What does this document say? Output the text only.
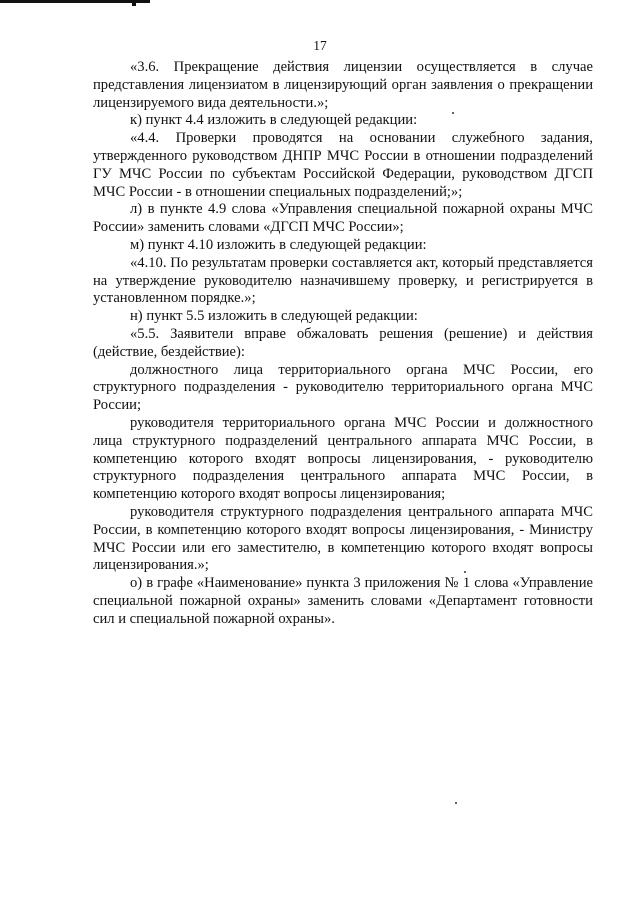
17

«3.6. Прекращение действия лицензии осуществляется в случае представления лицензиатом в лицензирующий орган заявления о прекращении лицензируемого вида деятельности.»;

к) пункт 4.4 изложить в следующей редакции:

«4.4. Проверки проводятся на основании служебного задания, утвержденного руководством ДНПР МЧС России в отношении подразделений ГУ МЧС России по субъектам Российской Федерации, руководством ДГСП МЧС России - в отношении специальных подразделений;»;

л) в пункте 4.9 слова «Управления специальной пожарной охраны МЧС России» заменить словами «ДГСП МЧС России»;

м) пункт 4.10 изложить в следующей редакции:

«4.10. По результатам проверки составляется акт, который представляется на утверждение руководителю назначившему проверку, и регистрируется в установленном порядке.»;

н) пункт 5.5 изложить в следующей редакции:

«5.5. Заявители вправе обжаловать решения (решение) и действия (действие, бездействие):

должностного лица территориального органа МЧС России, его структурного подразделения - руководителю территориального органа МЧС России;

руководителя территориального органа МЧС России и должностного лица структурного подразделений центрального аппарата МЧС России, в компетенцию которого входят вопросы лицензирования, - руководителю структурного подразделения центрального аппарата МЧС России, в компетенцию которого входят вопросы лицензирования;

руководителя структурного подразделения центрального аппарата МЧС России, в компетенцию которого входят вопросы лицензирования, - Министру МЧС России или его заместителю, в компетенцию которого входят вопросы лицензирования.»;

о) в графе «Наименование» пункта 3 приложения № 1 слова «Управление специальной пожарной охраны» заменить словами «Департамент готовности сил и специальной пожарной охраны».
